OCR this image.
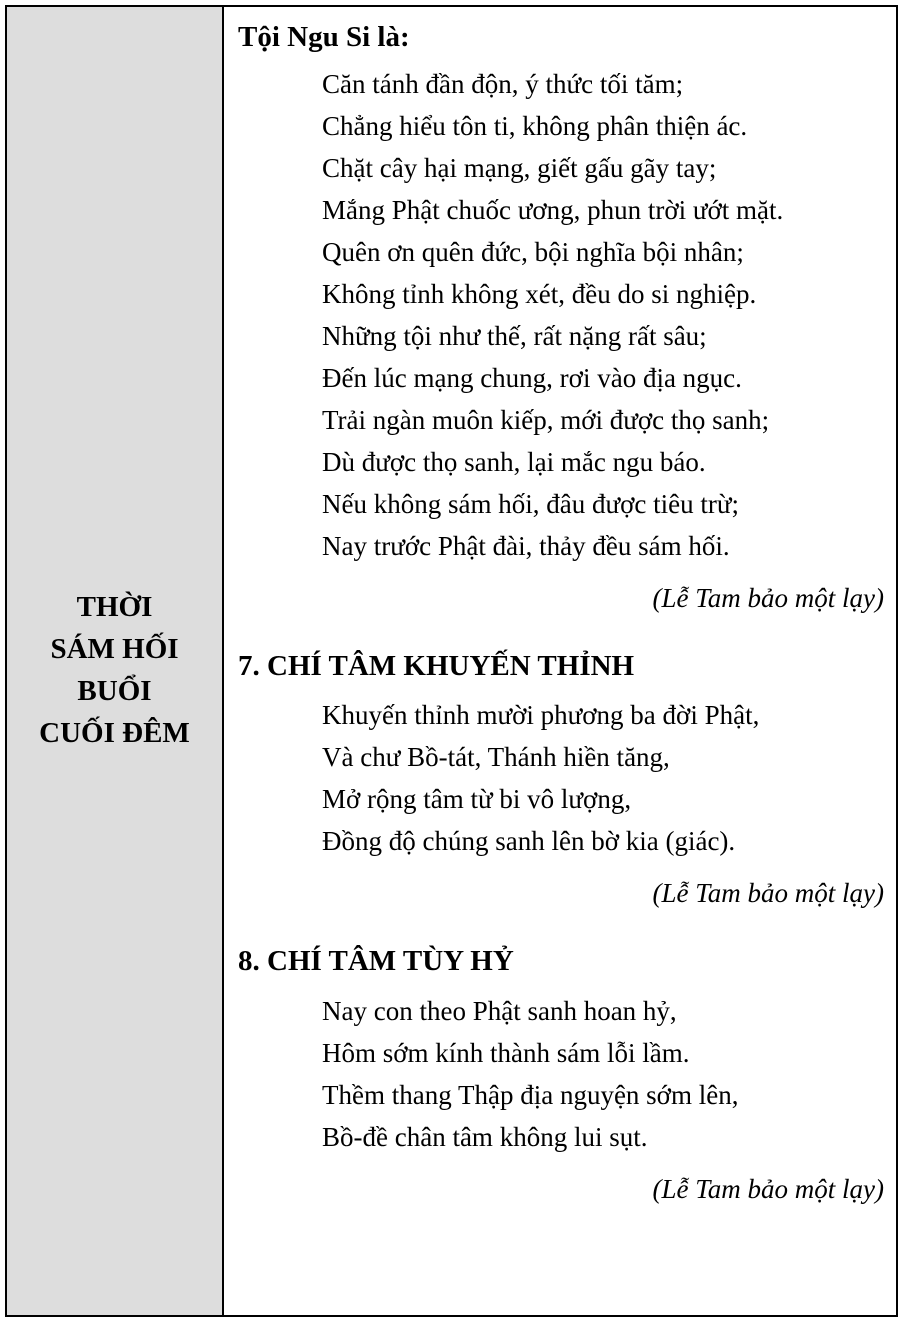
THỜI
SÁM HỐI
BUỔI
CUỐI ĐÊM
Tội Ngu Si là:
Căn tánh đần độn, ý thức tối tăm;
Chẳng hiểu tôn ti, không phân thiện ác.
Chặt cây hại mạng, giết gấu gãy tay;
Mắng Phật chuốc ương, phun trời ướt mặt.
Quên ơn quên đức, bội nghĩa bội nhân;
Không tỉnh không xét, đều do si nghiệp.
Những tội như thế, rất nặng rất sâu;
Đến lúc mạng chung, rơi vào địa ngục.
Trải ngàn muôn kiếp, mới được thọ sanh;
Dù được thọ sanh, lại mắc ngu báo.
Nếu không sám hối, đâu được tiêu trừ;
Nay trước Phật đài, thảy đều sám hối.
(Lễ Tam bảo một lạy)
7. CHÍ TÂM KHUYẾN THỈNH
Khuyến thỉnh mười phương ba đời Phật,
Và chư Bồ-tát, Thánh hiền tăng,
Mở rộng tâm từ bi vô lượng,
Đồng độ chúng sanh lên bờ kia (giác).
(Lễ Tam bảo một lạy)
8. CHÍ TÂM TÙY HỶ
Nay con theo Phật sanh hoan hỷ,
Hôm sớm kính thành sám lỗi lầm.
Thềm thang Thập địa nguyện sớm lên,
Bồ-đề chân tâm không lui sụt.
(Lễ Tam bảo một lạy)
